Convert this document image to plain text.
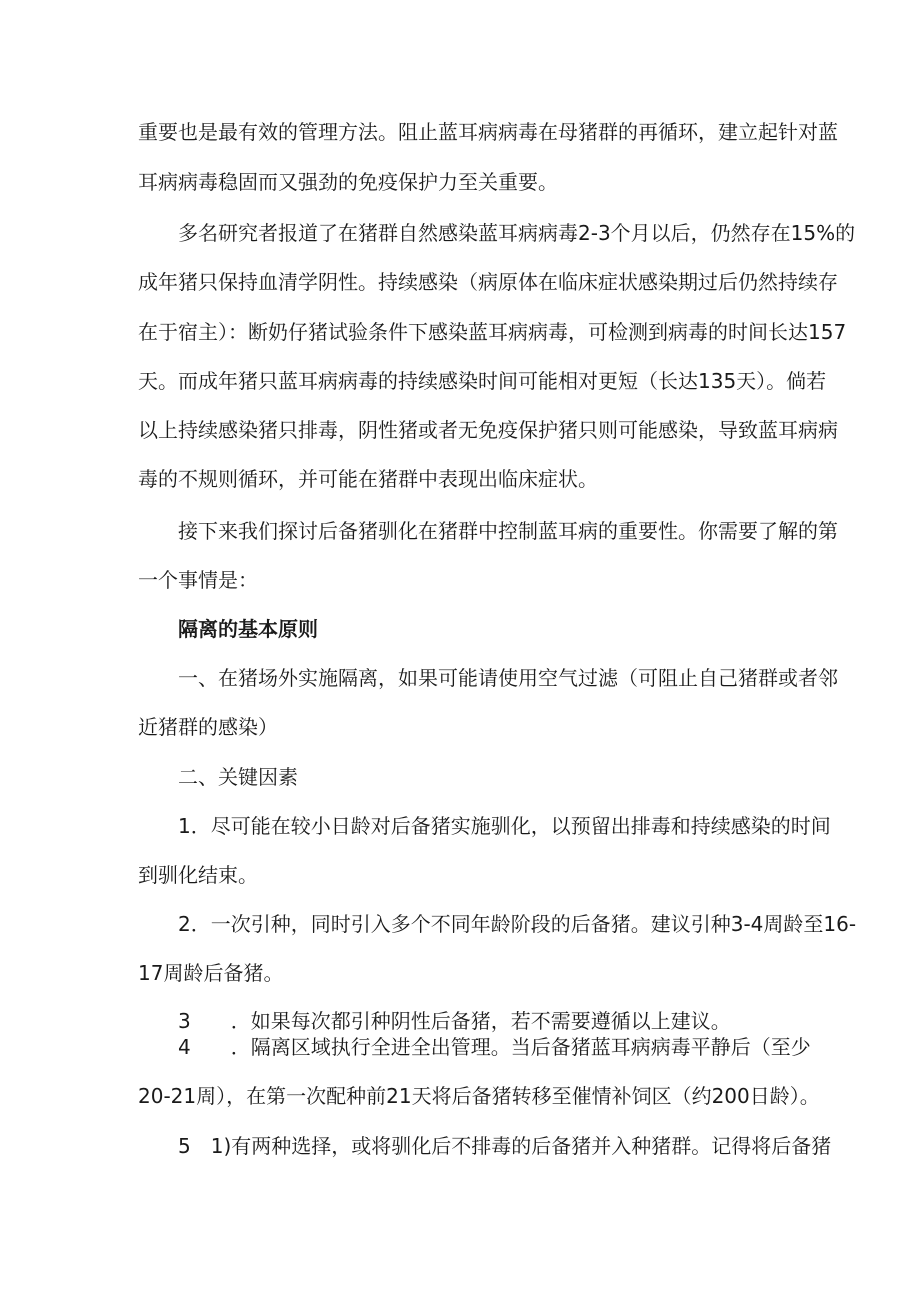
重要也是最有效的管理方法。阻止蓝耳病病毒在母猪群的再循环，建立起针对蓝
耳病病毒稳固而又强劲的免疫保护力至关重要。
多名研究者报道了在猪群自然感染蓝耳病病毒2-3个月以后，仍然存在15%的
成年猪只保持血清学阴性。持续感染（病原体在临床症状感染期过后仍然持续存
在于宿主）：断奶仔猪试验条件下感染蓝耳病病毒，可检测到病毒的时间长达157
天。而成年猪只蓝耳病病毒的持续感染时间可能相对更短（长达135天）。倘若
以上持续感染猪只排毒，阴性猪或者无免疫保护猪只则可能感染，导致蓝耳病病
毒的不规则循环，并可能在猪群中表现出临床症状。
接下来我们探讨后备猪驯化在猪群中控制蓝耳病的重要性。你需要了解的第
一个事情是：
隔离的基本原则
一、在猪场外实施隔离，如果可能请使用空气过滤（可阻止自己猪群或者邻
近猪群的感染）
二、关键因素
1．尽可能在较小日龄对后备猪实施驯化，以预留出排毒和持续感染的时间
到驯化结束。
2．一次引种，同时引入多个不同年龄阶段的后备猪。建议引种3-4周龄至16-
17周龄后备猪。
3　　．如果每次都引种阴性后备猪，若不需要遵循以上建议。
4　　．隔离区域执行全进全出管理。当后备猪蓝耳病病毒平静后（至少
20-21周），在第一次配种前21天将后备猪转移至催情补饲区（约200日龄）。
5　1)有两种选择，或将驯化后不排毒的后备猪并入种猪群。记得将后备猪
